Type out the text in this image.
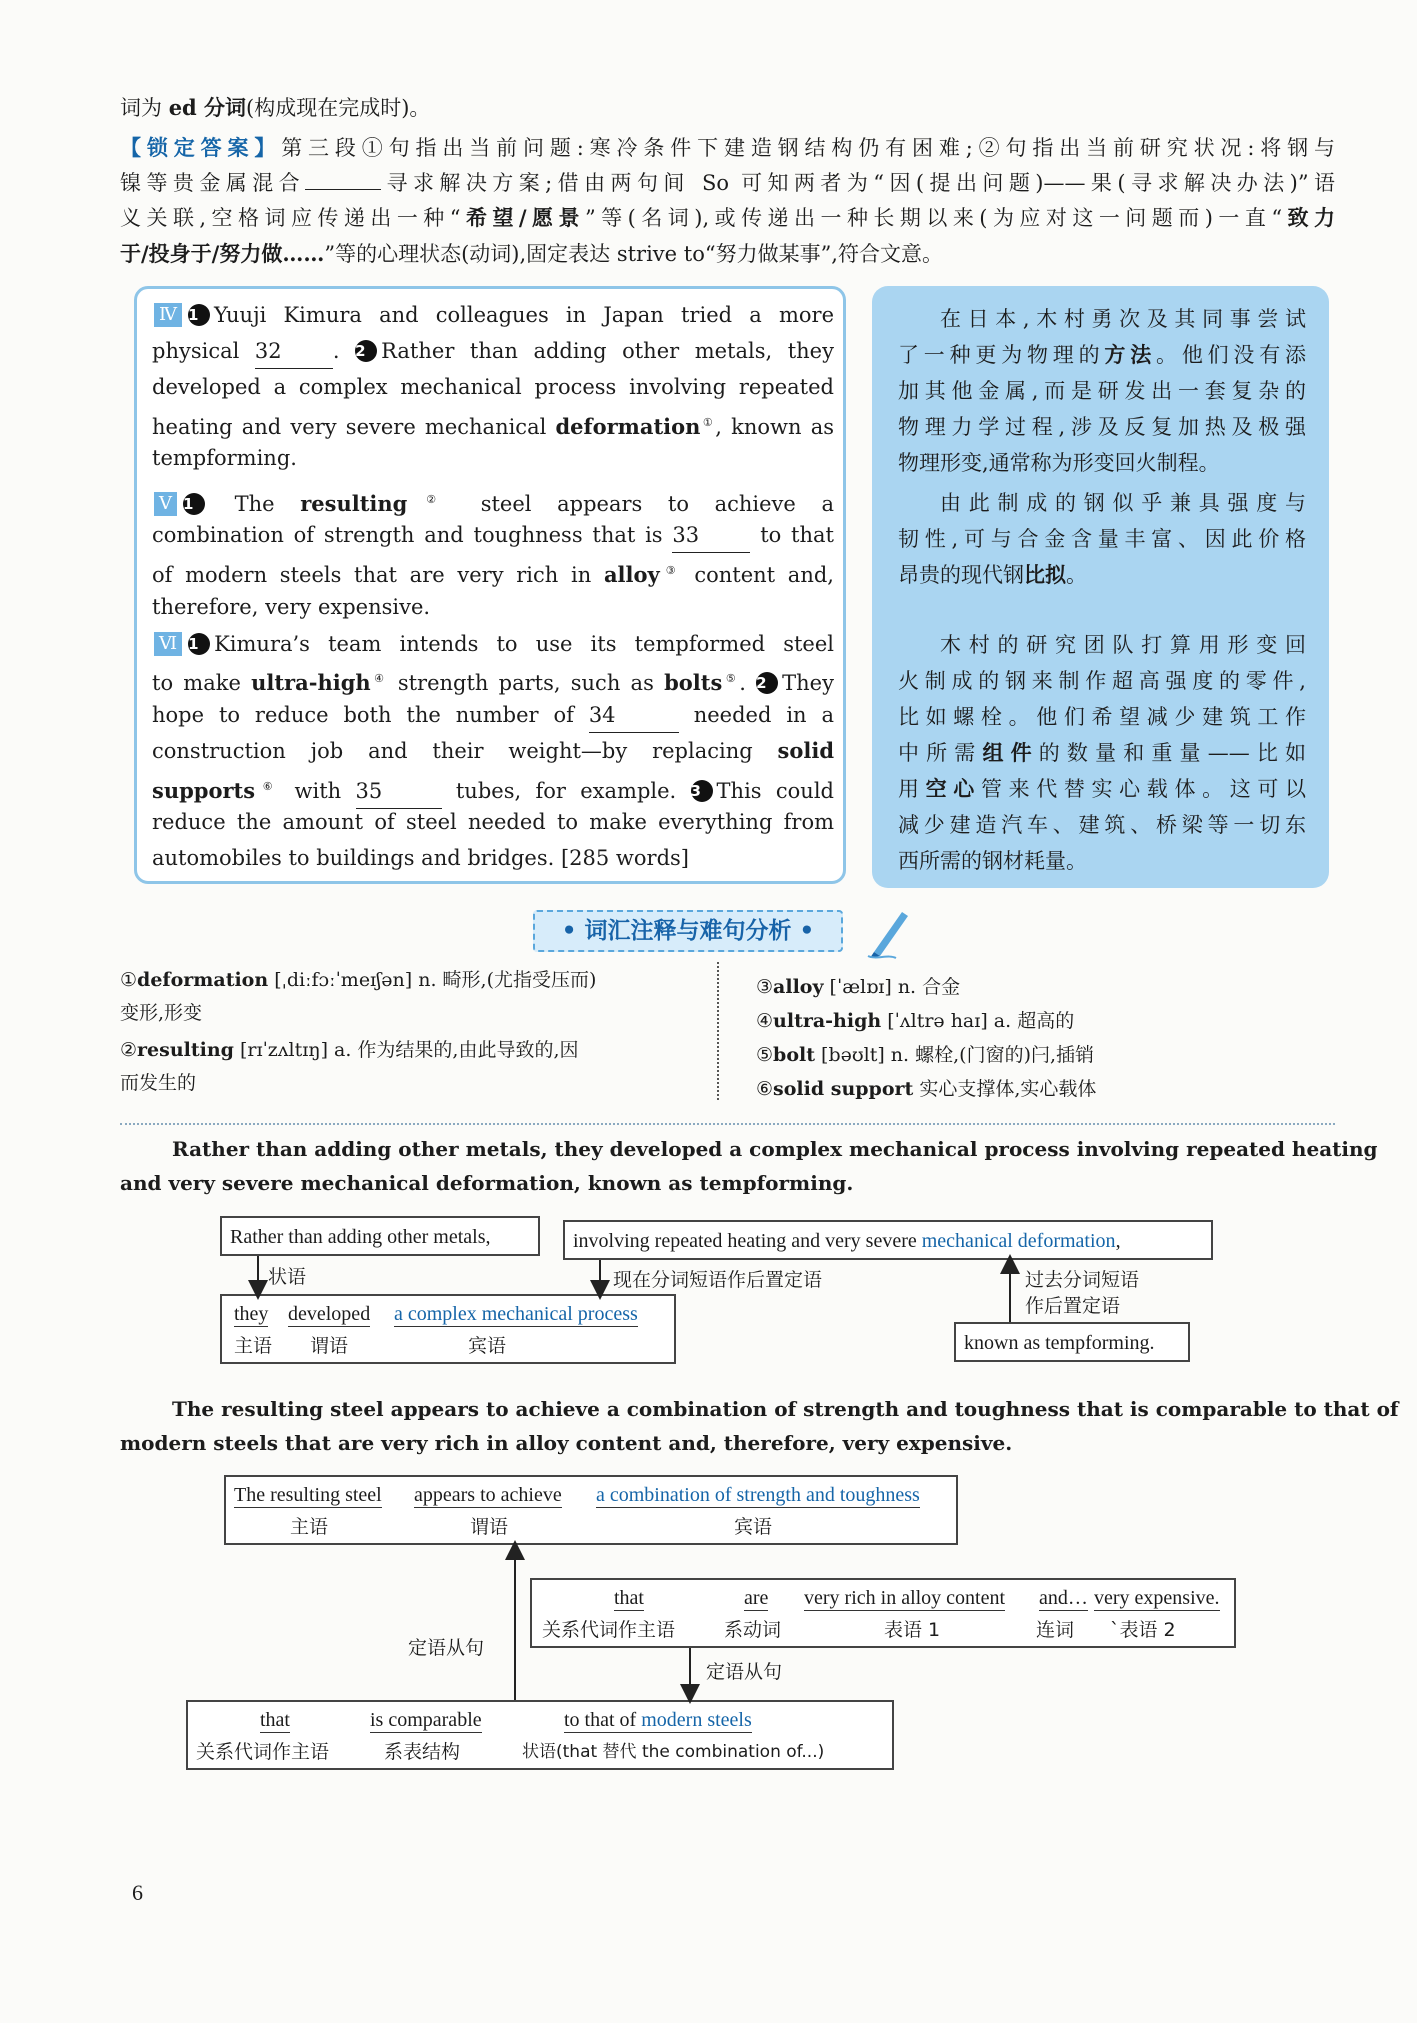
词为 ed 分词(构成现在完成时)。
【锁定答案】第三段①句指出当前问题:寒冷条件下建造钢结构仍有困难;②句指出当前研究状况:将钢与
镍等贵金属混合	寻求解决方案;借由两句间 So 可知两者为“因(提出问题)——果(寻求解决办法)”语
义关联,空格词应传递出一种“希望/愿景”等(名词),或传递出一种长期以来(为应对这一问题而)一直“致力
于/投身于/努力做……”等的心理状态(动词),固定表达 strive to“努力做某事”,符合文意。
Ⅳ 1 Yuuji Kimura and colleagues in Japan tried a more
physical 32 . 2 Rather than adding other metals, they
developed a complex mechanical process involving repeated
heating and very severe mechanical deformation①, known as
tempforming.
Ⅴ 1 The resulting② steel appears to achieve a
combination of strength and toughness that is 33	to that
of modern steels that are very rich in alloy③ content and,
therefore, very expensive.
Ⅵ 1 Kimura’s team intends to use its tempformed steel
to make ultra-high④ strength parts, such as bolts⑤. 2 They
hope to reduce both the number of 34	needed in a
construction job and their weight—by replacing solid
supports⑥ with 35	tubes, for example. 3 This could
reduce the amount of steel needed to make everything from
automobiles to buildings and bridges. [285 words]
在日本,木村勇次及其同事尝试
了一种更为物理的方法。他们没有添
加其他金属,而是研发出一套复杂的
物理力学过程,涉及反复加热及极强
物理形变,通常称为形变回火制程。
由此制成的钢似乎兼具强度与
韧性,可与合金含量丰富、因此价格
昂贵的现代钢比拟。
木村的研究团队打算用形变回
火制成的钢来制作超高强度的零件,
比如螺栓。他们希望减少建筑工作
中所需组件的数量和重量——比如
用空心管来代替实心载体。这可以
减少建造汽车、建筑、桥梁等一切东
西所需的钢材耗量。
• 词汇注释与难句分析 •
①deformation [ˌdiːfɔːˈmeɪʃən] n. 畸形,(尤指受压而)
变形,形变
②resulting [rɪˈzʌltɪŋ] a. 作为结果的,由此导致的,因
而发生的
③alloy [ˈælɒɪ] n. 合金
④ultra-high [ˈʌltrə haɪ] a. 超高的
⑤bolt [bəʊlt] n. 螺栓,(门窗的)闩,插销
⑥solid support 实心支撑体,实心载体
Rather than adding other metals, they developed a complex mechanical process involving repeated heating
and very severe mechanical deformation, known as tempforming.
Rather than adding other metals,	involving repeated heating and very severe mechanical deformation,
状语	现在分词短语作后置定语	过去分词短语
作后置定语
they developed a complex mechanical process
主语 谓语	宾语	known as tempforming.
The resulting steel appears to achieve a combination of strength and toughness that is comparable to that of
modern steels that are very rich in alloy content and, therefore, very expensive.
The resulting steel appears to achieve a combination of strength and toughness
主语	谓语	宾语
that	are very rich in alloy content and… very expensive.
关系代词作主语	系动词	表语 1	连词 `表语 2
定语从句
定语从句
that	is comparable	to that of modern steels
关系代词作主语	系表结构	状语(that 替代 the combination of...)
6
